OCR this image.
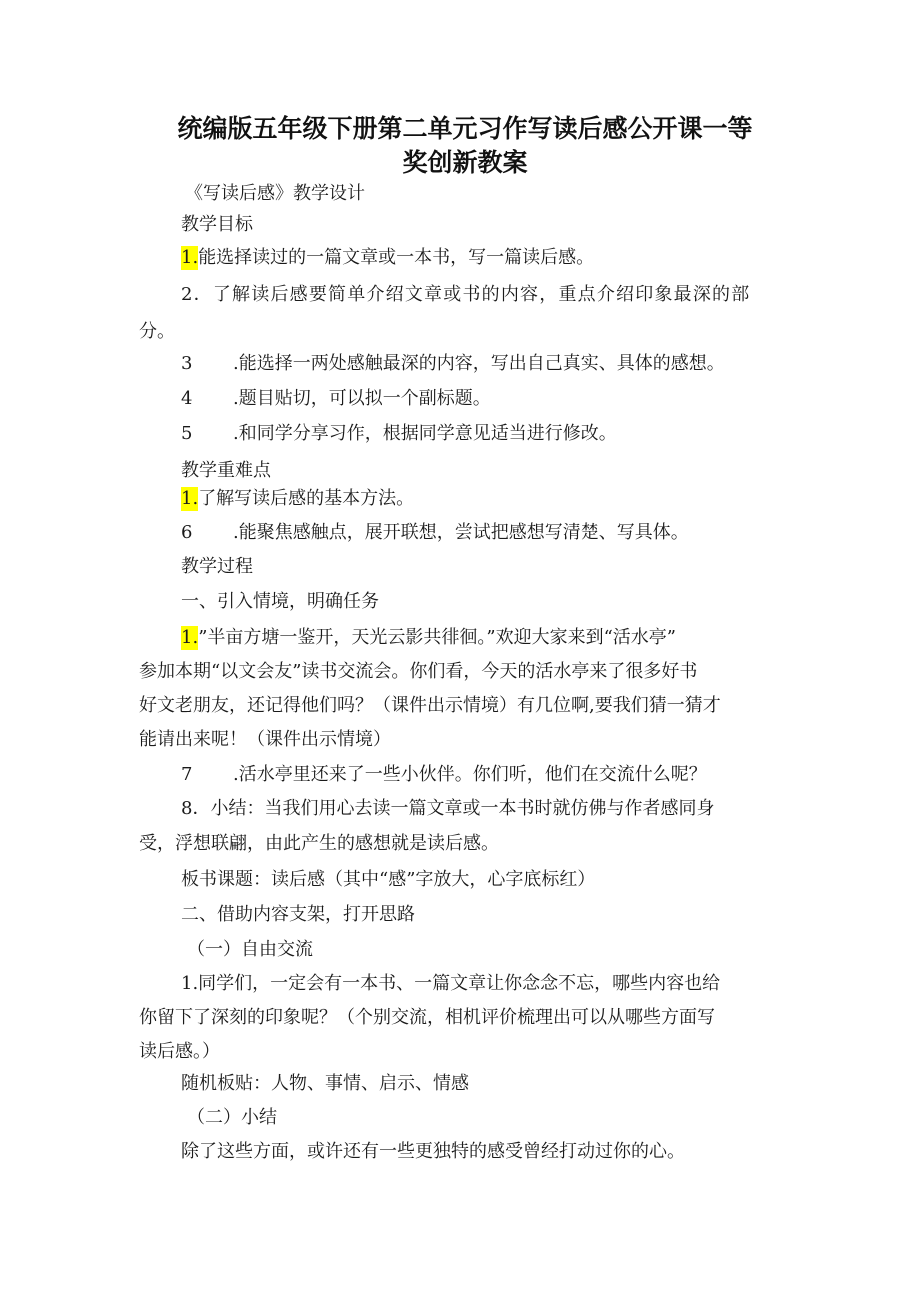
统编版五年级下册第二单元习作写读后感公开课一等
奖创新教案
《写读后感》教学设计
教学目标
1.能选择读过的一篇文章或一本书，写一篇读后感。
2．了解读后感要简单介绍文章或书的内容，重点介绍印象最深的部
分。
3 .能选择一两处感触最深的内容，写出自己真实、具体的感想。
4 .题目贴切，可以拟一个副标题。
5 .和同学分享习作，根据同学意见适当进行修改。
教学重难点
1.了解写读后感的基本方法。
6 .能聚焦感触点，展开联想，尝试把感想写清楚、写具体。
教学过程
一、引入情境，明确任务
1.”半亩方塘一鉴开，天光云影共徘徊。”欢迎大家来到“活水亭”
参加本期“以文会友”读书交流会。你们看，今天的活水亭来了很多好书
好文老朋友，还记得他们吗？（课件出示情境）有几位啊,要我们猜一猜才
能请出来呢！（课件出示情境）
7 .活水亭里还来了一些小伙伴。你们听，他们在交流什么呢？
8．小结：当我们用心去读一篇文章或一本书时就仿佛与作者感同身
受，浮想联翩，由此产生的感想就是读后感。
板书课题：读后感（其中“感”字放大，心字底标红）
二、借助内容支架，打开思路
（一）自由交流
1.同学们，一定会有一本书、一篇文章让你念念不忘，哪些内容也给
你留下了深刻的印象呢？（个别交流，相机评价梳理出可以从哪些方面写
读后感。）
随机板贴：人物、事情、启示、情感
（二）小结
除了这些方面，或许还有一些更独特的感受曾经打动过你的心。
